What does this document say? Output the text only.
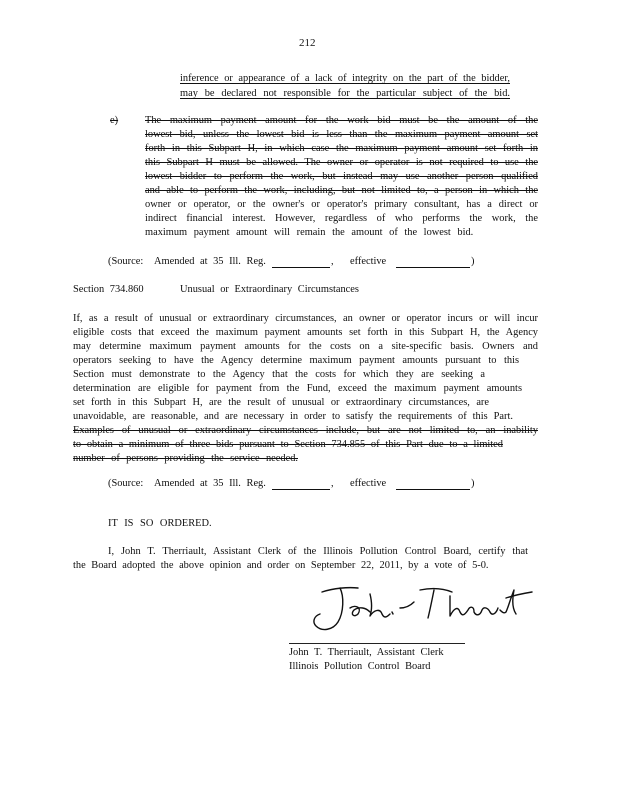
212
inference or appearance of a lack of integrity on the part of the bidder,
may be declared not responsible for the particular subject of the bid.
e)	The maximum payment amount for the work bid must be the amount of the
lowest bid, unless the lowest bid is less than the maximum payment amount set
forth in this Subpart H, in which case the maximum payment amount set forth in
this Subpart H must be allowed. The owner or operator is not required to use the
lowest bidder to perform the work, but instead may use another person qualified
and able to perform the work, including, but not limited to, a person in which the
owner or operator, or the owner's or operator's primary consultant, has a direct or
indirect financial interest. However, regardless of who performs the work, the
maximum payment amount will remain the amount of the lowest bid.
(Source: Amended at 35 Ill. Reg.	, effective	)
Section 734.860	Unusual or Extraordinary Circumstances
If, as a result of unusual or extraordinary circumstances, an owner or operator incurs or will incur
eligible costs that exceed the maximum payment amounts set forth in this Subpart H, the Agency
may determine maximum payment amounts for the costs on a site-specific basis. Owners and
operators seeking to have the Agency determine maximum payment amounts pursuant to this
Section must demonstrate to the Agency that the costs for which they are seeking a
determination are eligible for payment from the Fund, exceed the maximum payment amounts
set forth in this Subpart H, are the result of unusual or extraordinary circumstances, are
unavoidable, are reasonable, and are necessary in order to satisfy the requirements of this Part.
Examples of unusual or extraordinary circumstances include, but are not limited to, an inability
to obtain a minimum of three bids pursuant to Section 734.855 of this Part due to a limited
number of persons providing the service needed.
(Source: Amended at 35 Ill. Reg.	, effective	)
IT IS SO ORDERED.
I, John T. Therriault, Assistant Clerk of the Illinois Pollution Control Board, certify that
the Board adopted the above opinion and order on September 22, 2011, by a vote of 5-0.
John T. Therriault, Assistant Clerk
Illinois Pollution Control Board
